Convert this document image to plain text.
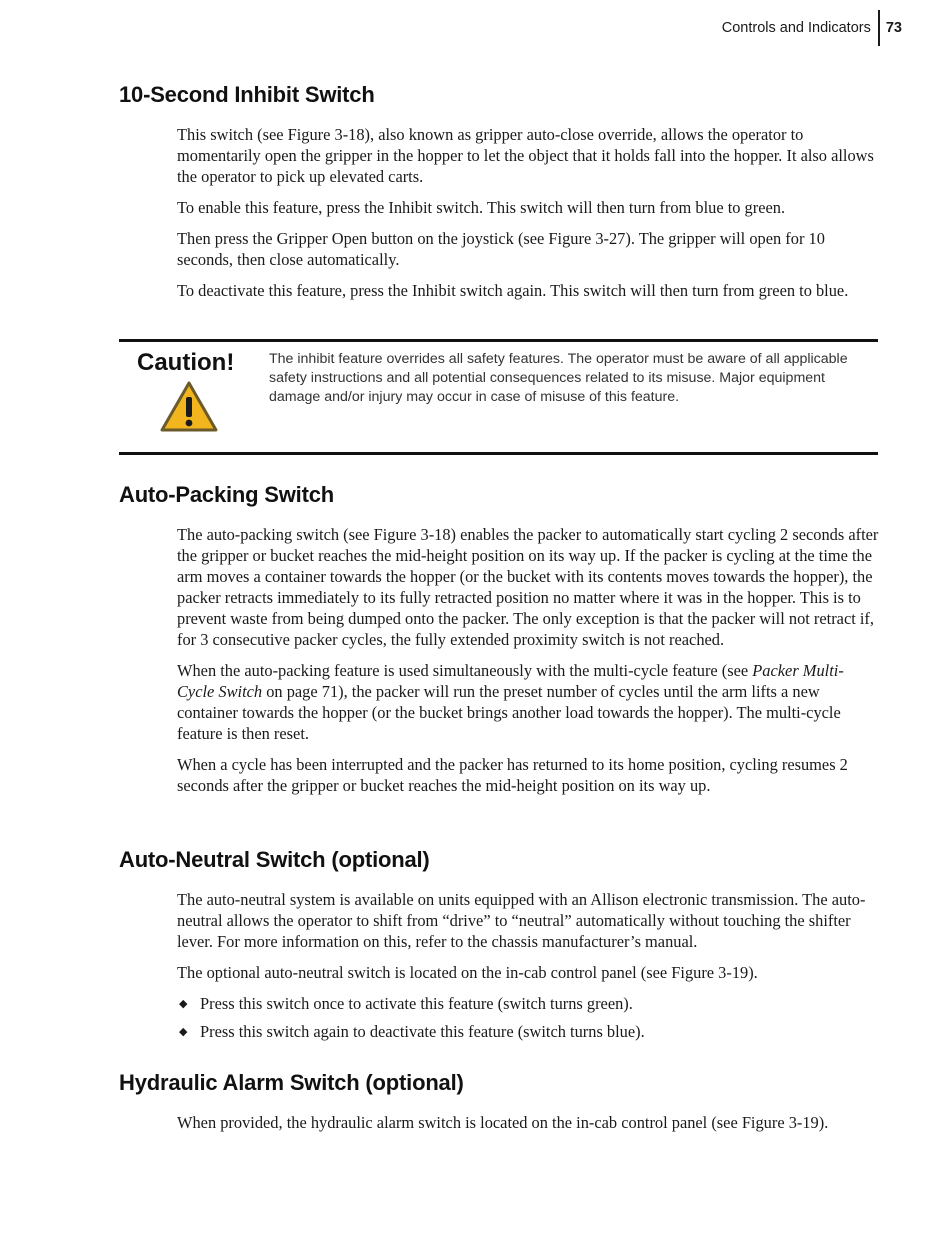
Controls and Indicators	73
10-Second Inhibit Switch

This switch (see Figure 3-18), also known as gripper auto-close override, allows the operator to momentarily open the gripper in the hopper to let the object that it holds fall into the hopper. It also allows the operator to pick up elevated carts.

To enable this feature, press the Inhibit switch. This switch will then turn from blue to green.

Then press the Gripper Open button on the joystick (see Figure 3-27). The gripper will open for 10 seconds, then close automatically.

To deactivate this feature, press the Inhibit switch again. This switch will then turn from green to blue.

Caution! The inhibit feature overrides all safety features. The operator must be aware of all applicable safety instructions and all potential consequences related to its misuse. Major equipment damage and/or injury may occur in case of misuse of this feature.
Auto-Packing Switch

The auto-packing switch (see Figure 3-18) enables the packer to automatically start cycling 2 seconds after the gripper or bucket reaches the mid-height position on its way up. If the packer is cycling at the time the arm moves a container towards the hopper (or the bucket with its contents moves towards the hopper), the packer retracts immediately to its fully retracted position no matter where it was in the hopper. This is to prevent waste from being dumped onto the packer. The only exception is that the packer will not retract if, for 3 consecutive packer cycles, the fully extended proximity switch is not reached.

When the auto-packing feature is used simultaneously with the multi-cycle feature (see Packer Multi-Cycle Switch on page 71), the packer will run the preset number of cycles until the arm lifts a new container towards the hopper (or the bucket brings another load towards the hopper). The multi-cycle feature is then reset.

When a cycle has been interrupted and the packer has returned to its home position, cycling resumes 2 seconds after the gripper or bucket reaches the mid-height position on its way up.

Auto-Neutral Switch (optional)

The auto-neutral system is available on units equipped with an Allison electronic transmission. The auto-neutral allows the operator to shift from “drive” to “neutral” automatically without touching the shifter lever. For more information on this, refer to the chassis manufacturer’s manual.

The optional auto-neutral switch is located on the in-cab control panel (see Figure 3-19).

◆ Press this switch once to activate this feature (switch turns green).
◆ Press this switch again to deactivate this feature (switch turns blue).
Hydraulic Alarm Switch (optional)

When provided, the hydraulic alarm switch is located on the in-cab control panel (see Figure 3-19).
